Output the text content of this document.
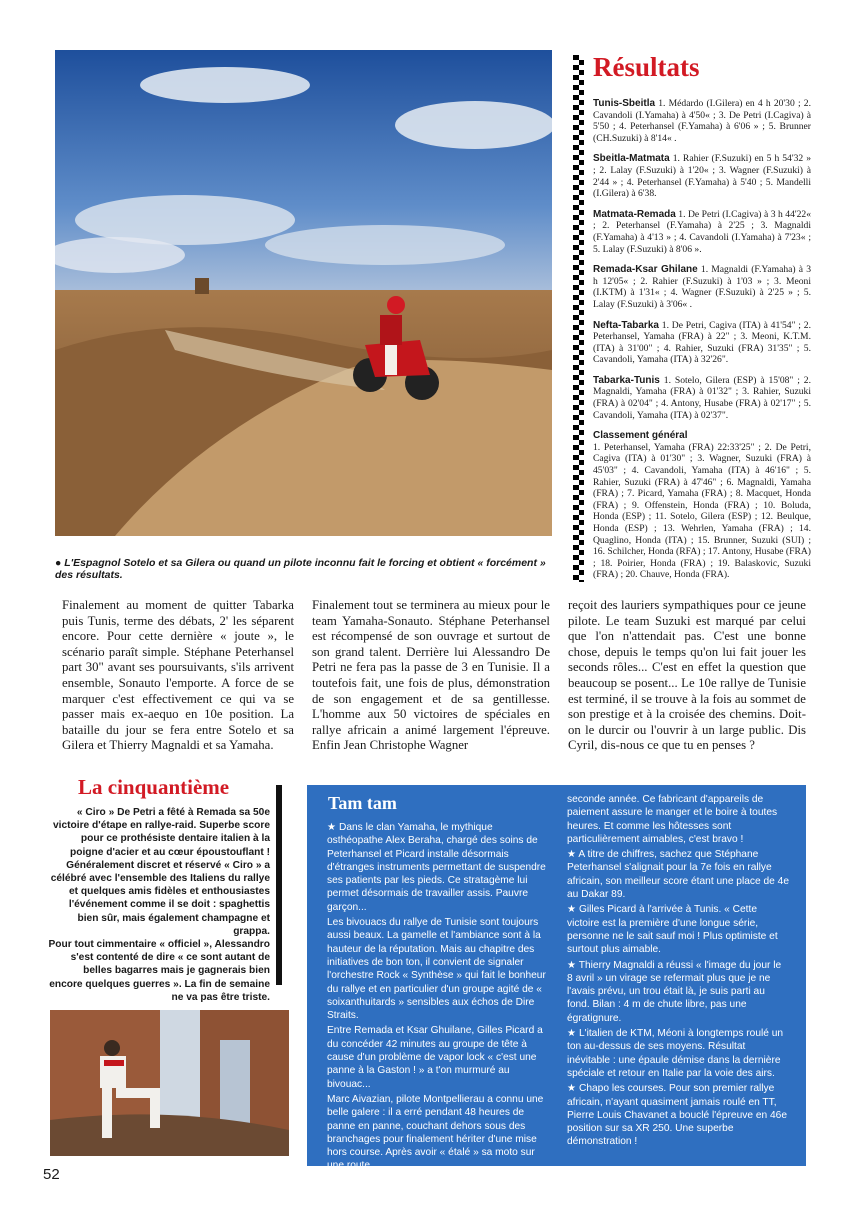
● L'Espagnol Sotelo et sa Gilera ou quand un pilote inconnu fait le forcing et obtient « forcément » des résultats.
Résultats

Tunis-Sbeitla 1. Médardo (I.Gilera) en 4 h 20'30 ; 2. Cavandoli (I.Yamaha) à 4'50« ; 3. De Petri (I.Cagiva) à 5'50 ; 4. Peterhansel (F.Yamaha) à 6'06 » ; 5. Brunner (CH.Suzuki) à 8'14« .

Sbeitla-Matmata 1. Rahier (F.Suzuki) en 5 h 54'32 » ; 2. Lalay (F.Suzuki) à 1'20« ; 3. Wagner (F.Suzuki) à 2'44 » ; 4. Peterhansel (F.Yamaha) à 5'40 ; 5. Mandelli (I.Gilera) à 6'38.

Matmata-Remada 1. De Petri (I.Cagiva) à 3 h 44'22« ; 2. Peterhansel (F.Yamaha) à 2'25 ; 3. Magnaldi (F.Yamaha) à 4'13 » ; 4. Cavandoli (I.Yamaha) à 7'23« ; 5. Lalay (F.Suzuki) à 8'06 ».

Remada-Ksar Ghilane 1. Magnaldi (F.Yamaha) à 3 h 12'05« ; 2. Rahier (F.Suzuki) à 1'03 » ; 3. Meoni (I.KTM) à 1'31« ; 4. Wagner (F.Suzuki) à 2'25 » ; 5. Lalay (F.Suzuki) à 3'06« .

Nefta-Tabarka 1. De Petri, Cagiva (ITA) à 41'54" ; 2. Peterhansel, Yamaha (FRA) à 22" ; 3. Meoni, K.T.M. (ITA) à 31'00" ; 4. Rahier, Suzuki (FRA) 31'35" ; 5. Cavandoli, Yamaha (ITA) à 32'26".

Tabarka-Tunis 1. Sotelo, Gilera (ESP) à 15'08" ; 2. Magnaldi, Yamaha (FRA) à 01'32" ; 3. Rahier, Suzuki (FRA) à 02'04" ; 4. Antony, Husabe (FRA) à 02'17" ; 5. Cavandoli, Yamaha (ITA) à 02'37".

Classement général
1. Peterhansel, Yamaha (FRA) 22:33'25" ; 2. De Petri, Cagiva (ITA) à 01'30" ; 3. Wagner, Suzuki (FRA) à 45'03" ; 4. Cavandoli, Yamaha (ITA) à 46'16" ; 5. Rahier, Suzuki (FRA) à 47'46" ; 6. Magnaldi, Yamaha (FRA) ; 7. Picard, Yamaha (FRA) ; 8. Macquet, Honda (FRA) ; 9. Offenstein, Honda (FRA) ; 10. Boluda, Honda (ESP) ; 11. Sotelo, Gilera (ESP) ; 12. Beulque, Honda (ESP) ; 13. Wehrlen, Yamaha (FRA) ; 14. Quaglino, Honda (ITA) ; 15. Brunner, Suzuki (SUI) ; 16. Schilcher, Honda (RFA) ; 17. Antony, Husabe (FRA) ; 18. Poirier, Honda (FRA) ; 19. Balaskovic, Suzuki (FRA) ; 20. Chauve, Honda (FRA).

Finalement au moment de quitter Tabarka puis Tunis, terme des débats, 2' les séparent encore. Pour cette dernière « joute », le scénario paraît simple. Stéphane Peterhansel part 30" avant ses poursuivants, s'ils arrivent ensemble, Sonauto l'emporte. A force de se marquer c'est effectivement ce qui va se passer mais ex-aequo en 10e position. La bataille du jour se fera entre Sotelo et sa Gilera et Thierry Magnaldi et sa Yamaha.
Finalement tout se terminera au mieux pour le team Yamaha-Sonauto. Stéphane Peterhansel est récompensé de son ouvrage et surtout de son grand talent. Derrière lui Alessandro De Petri ne fera pas la passe de 3 en Tunisie. Il a toutefois fait, une fois de plus, démonstration de son engagement et de sa gentillesse. L'homme aux 50 victoires de spéciales en rallye africain a animé largement l'épreuve. Enfin Jean Christophe Wagner
reçoit des lauriers sympathiques pour ce jeune pilote. Le team Suzuki est marqué par celui que l'on n'attendait pas. C'est une bonne chose, depuis le temps qu'on lui fait jouer les seconds rôles... C'est en effet la question que beaucoup se posent... Le 10e rallye de Tunisie est terminé, il se trouve à la fois au sommet de son prestige et à la croisée des chemins. Doit-on le durcir ou l'ouvrir à un large public. Dis Cyril, dis-nous ce que tu en penses ?
La cinquantième

« Ciro » De Petri a fêté à Remada sa 50e victoire d'étape en rallye-raid. Superbe score pour ce prothésiste dentaire italien à la poigne d'acier et au cœur époustouflant !

Généralement discret et réservé « Ciro » a célébré avec l'ensemble des Italiens du rallye et quelques amis fidèles et enthousiastes l'événement comme il se doit : spaghettis bien sûr, mais également champagne et grappa.

Pour tout cimmentaire « officiel », Alessandro s'est contenté de dire « ce sont autant de belles bagarres mais je gagnerais bien encore quelques guerres ». La fin de semaine ne va pas être triste.

Tam tam

★ Dans le clan Yamaha, le mythique osthéopathe Alex Beraha, chargé des soins de Peterhansel et Picard installe désormais d'étranges instruments permettant de suspendre ses patients par les pieds. Ce stratagème lui permet désormais de travailler assis. Pauvre garçon...

Les bivouacs du rallye de Tunisie sont toujours aussi beaux. La gamelle et l'ambiance sont à la hauteur de la réputation. Mais au chapitre des initiatives de bon ton, il convient de signaler l'orchestre Rock « Synthèse » qui fait le bonheur du rallye et en particulier d'un groupe agité de « soixanthuitards » sensibles aux échos de Dire Straits.

Entre Remada et Ksar Ghuilane, Gilles Picard a du concéder 42 minutes au groupe de tête à cause d'un problème de vapor lock « c'est une panne à la Gaston ! » a t'on murmuré au bivouac...

Marc Aivazian, pilote Montpellierau a connu une belle galere : il a erré pendant 48 heures de panne en panne, couchant dehors sous des branchages pour finalement hériter d'une mise hors course. Après avoir « étalé » sa moto sur une route.

PIE Electronique est présent sur le rallye pour la

seconde année. Ce fabricant d'appareils de paiement assure le manger et le boire à toutes heures. Et comme les hôtesses sont particulièrement aimables, c'est bravo !

★ A titre de chiffres, sachez que Stéphane Peterhansel s'alignait pour la 7e fois en rallye africain, son meilleur score étant une place de 4e au Dakar 89.

★ Gilles Picard à l'arrivée à Tunis. « Cette victoire est la première d'une longue série, personne ne le sait sauf moi ! Plus optimiste et surtout plus aimable.

★ Thierry Magnaldi a réussi « l'image du jour le 8 avril » un virage se refermait plus que je ne l'avais prévu, un trou était là, je suis parti au fond. Bilan : 4 m de chute libre, pas une égratignure.

★ L'italien de KTM, Méoni à longtemps roulé un ton au-dessus de ses moyens. Résultat inévitable : une épaule démise dans la dernière spéciale et retour en Italie par la voie des airs.

★ Chapo les courses. Pour son premier rallye africain, n'ayant quasiment jamais roulé en TT, Pierre Louis Chavanet a bouclé l'épreuve en 46e position sur sa XR 250. Une superbe démonstration !

52
